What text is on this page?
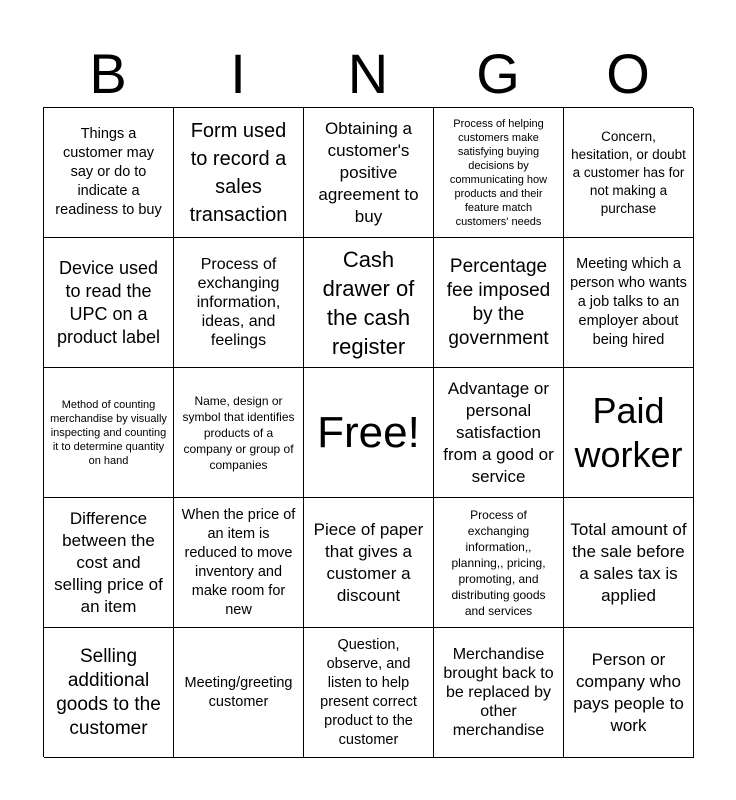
B	I	N	G	O
Things a customer may say or do to indicate a readiness to buy
Form used to record a sales transaction
Obtaining a customer's positive agreement to buy
Process of helping customers make satisfying buying decisions by communicating how products and their feature match customers' needs
Concern, hesitation, or doubt a customer has for not making a purchase
Device used to read the UPC on a product label
Process of exchanging information, ideas, and feelings
Cash drawer of the cash register
Percentage fee imposed by the government
Meeting which a person who wants a job talks to an employer about being hired
Method of counting merchandise by visually inspecting and counting it to determine quantity on hand
Name, design or symbol that identifies products of a company or group of companies
Free!
Advantage or personal satisfaction from a good or service
Paid worker
Difference between the cost and selling price of an item
When the price of an item is reduced to move inventory and make room for new
Piece of paper that gives a customer a discount
Process of exchanging information,, planning,, pricing, promoting, and distributing goods and services
Total amount of the sale before a sales tax is applied
Selling additional goods to the customer
Meeting/greeting customer
Question, observe, and listen to help present correct product to the customer
Merchandise brought back to be replaced by other merchandise
Person or company who pays people to work
